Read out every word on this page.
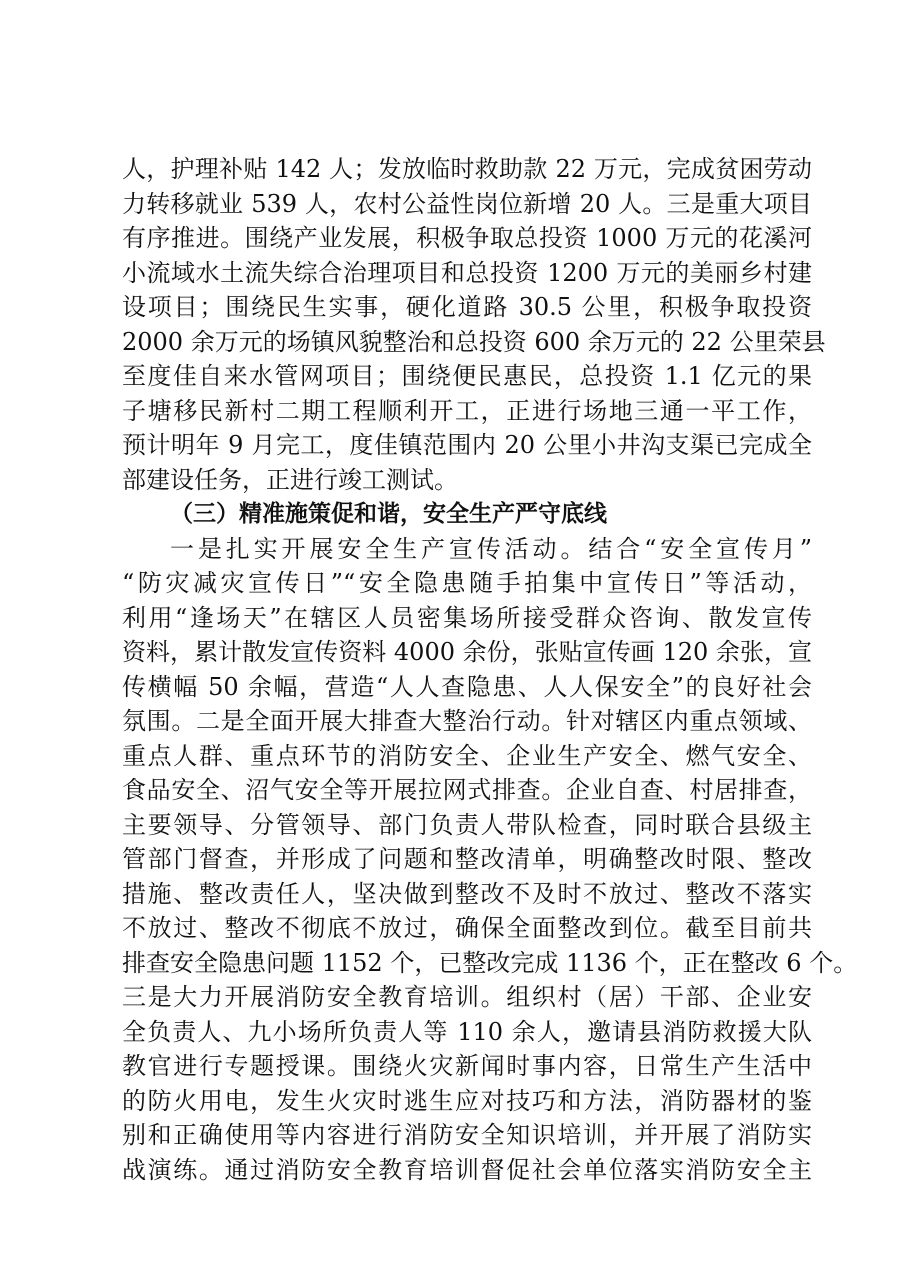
人，护理补贴 142 人；发放临时救助款 22 万元，完成贫困劳动
力转移就业 539 人，农村公益性岗位新增 20 人。三是重大项目
有序推进。围绕产业发展，积极争取总投资 1000 万元的花溪河
小流域水土流失综合治理项目和总投资 1200 万元的美丽乡村建
设项目；围绕民生实事，硬化道路 30.5 公里，积极争取投资
2000 余万元的场镇风貌整治和总投资 600 余万元的 22 公里荣县
至度佳自来水管网项目；围绕便民惠民，总投资 1.1 亿元的果
子塘移民新村二期工程顺利开工，正进行场地三通一平工作，
预计明年 9 月完工，度佳镇范围内 20 公里小井沟支渠已完成全
部建设任务，正进行竣工测试。
（三）精准施策促和谐，安全生产严守底线
一是扎实开展安全生产宣传活动。结合“安全宣传月”
“防灾减灾宣传日”“安全隐患随手拍集中宣传日”等活动，
利用“逢场天”在辖区人员密集场所接受群众咨询、散发宣传
资料，累计散发宣传资料 4000 余份，张贴宣传画 120 余张，宣
传横幅 50 余幅，营造“人人查隐患、人人保安全”的良好社会
氛围。二是全面开展大排查大整治行动。针对辖区内重点领域、
重点人群、重点环节的消防安全、企业生产安全、燃气安全、
食品安全、沼气安全等开展拉网式排查。企业自查、村居排查，
主要领导、分管领导、部门负责人带队检查，同时联合县级主
管部门督查，并形成了问题和整改清单，明确整改时限、整改
措施、整改责任人，坚决做到整改不及时不放过、整改不落实
不放过、整改不彻底不放过，确保全面整改到位。截至目前共
排查安全隐患问题 1152 个，已整改完成 1136 个，正在整改 6 个。
三是大力开展消防安全教育培训。组织村（居）干部、企业安
全负责人、九小场所负责人等 110 余人，邀请县消防救援大队
教官进行专题授课。围绕火灾新闻时事内容，日常生产生活中
的防火用电，发生火灾时逃生应对技巧和方法，消防器材的鉴
别和正确使用等内容进行消防安全知识培训，并开展了消防实
战演练。通过消防安全教育培训督促社会单位落实消防安全主
